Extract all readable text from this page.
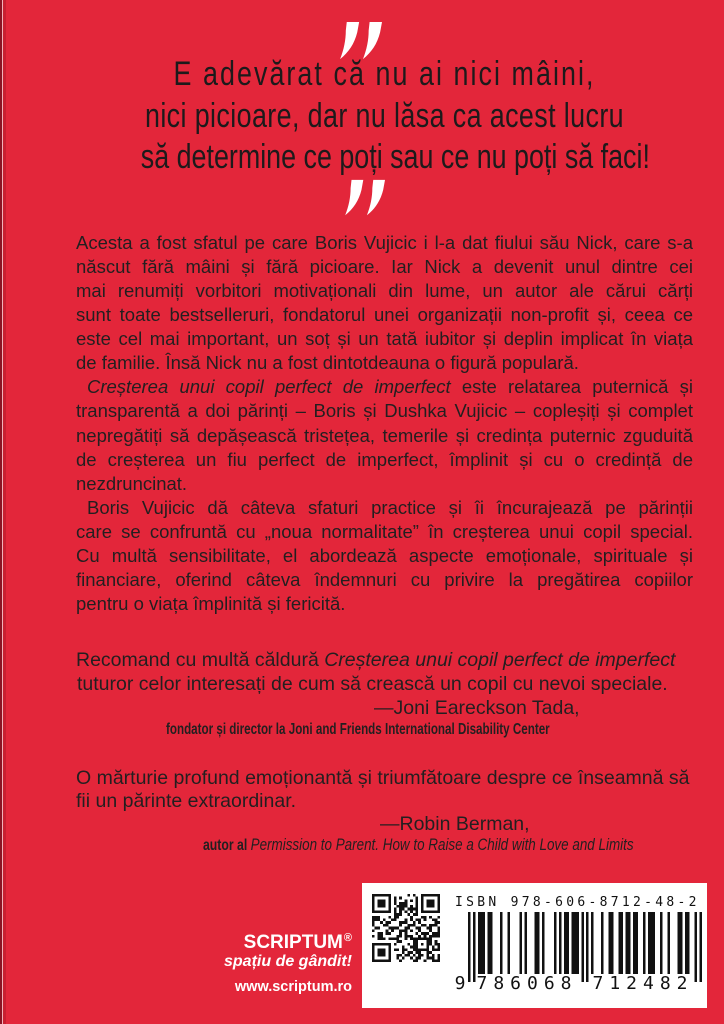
E adevărat că nu ai nici mâini,
nici picioare, dar nu lăsa ca acest lucru
să determine ce poți sau ce nu poți să faci!
Acesta a fost sfatul pe care Boris Vujicic i l-a dat fiului său Nick, care s-a
născut fără mâini și fără picioare. Iar Nick a devenit unul dintre cei
mai renumiți vorbitori motivaționali din lume, un autor ale cărui cărți
sunt toate bestselleruri, fondatorul unei organizații non-profit și, ceea ce
este cel mai important, un soț și un tată iubitor și deplin implicat în viața
de familie. Însă Nick nu a fost dintotdeauna o figură populară.
Creșterea unui copil perfect de imperfect este relatarea puternică și
transparentă a doi părinți – Boris și Dushka Vujicic – copleșiți și complet
nepregătiți să depășească tristețea, temerile și credința puternic zguduită
de creșterea un fiu perfect de imperfect, împlinit și cu o credință de
nezdruncinat.
Boris Vujicic dă câteva sfaturi practice și îi încurajează pe părinții
care se confruntă cu „noua normalitate” în creșterea unui copil special.
Cu multă sensibilitate, el abordează aspecte emoționale, spirituale și
financiare, oferind câteva îndemnuri cu privire la pregătirea copiilor
pentru o viața împlinită și fericită.
Recomand cu multă căldură Creșterea unui copil perfect de imperfect
tuturor celor interesați de cum să crească un copil cu nevoi speciale.
—Joni Eareckson Tada,
fondator și director la Joni and Friends International Disability Center
O mărturie profund emoționantă și triumfătoare despre ce înseamnă să
fii un părinte extraordinar.
—Robin Berman,
autor al Permission to Parent. How to Raise a Child with Love and Limits
SCRIPTUM®
spațiu de gândit!
www.scriptum.ro
ISBN 978-606-8712-48-2
9 786068 712482
